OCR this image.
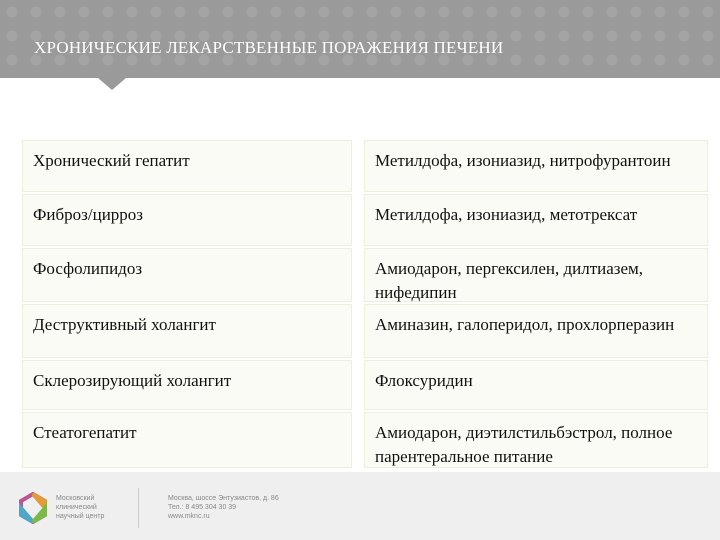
ХРОНИЧЕСКИЕ ЛЕКАРСТВЕННЫЕ ПОРАЖЕНИЯ ПЕЧЕНИ
Хронический гепатит	Метилдофа, изониазид, нитрофурантоин
Фиброз/цирроз	Метилдофа, изониазид, метотрексат
Фосфолипидоз	Амиодарон, пергексилен, дилтиазем, нифедипин
Деструктивный холангит	Аминазин, галоперидол, прохлорперазин
Склерозирующий холангит	Флоксуридин
Стеатогепатит	Амиодарон, диэтилстильбэстрол, полное парентеральное питание
Московский
клинический
научный центр
Москва, шоссе Энтузиастов, д. 86
Тел.: 8 495 304 30 39
www.mknc.ru
